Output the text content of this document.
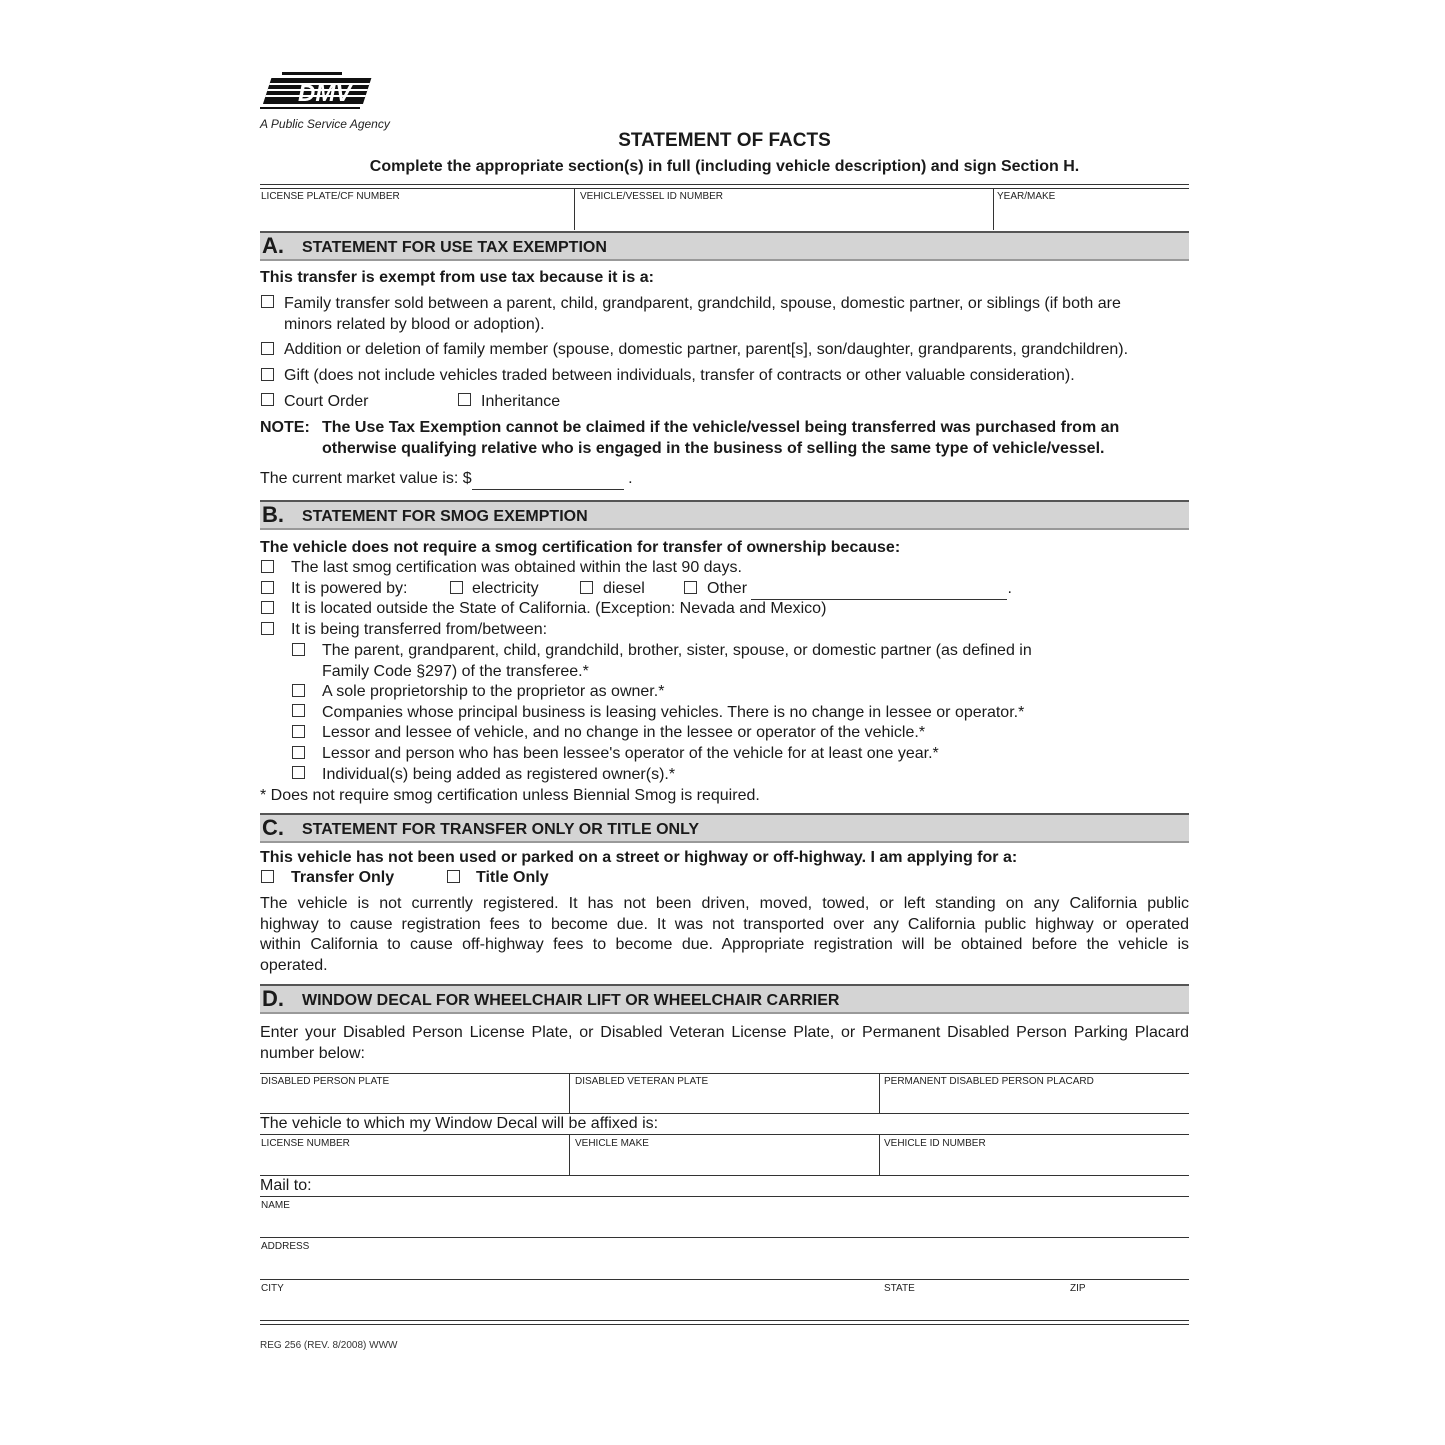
DMV
A Public Service Agency
STATEMENT OF FACTS
Complete the appropriate section(s) in full (including vehicle description) and sign Section H.
LICENSE PLATE/CF NUMBER	VEHICLE/VESSEL ID NUMBER	YEAR/MAKE
A. STATEMENT FOR USE TAX EXEMPTION
This transfer is exempt from use tax because it is a:
Family transfer sold between a parent, child, grandparent, grandchild, spouse, domestic partner, or siblings (if both are
minors related by blood or adoption).
Addition or deletion of family member (spouse, domestic partner, parent[s], son/daughter, grandparents, grandchildren).
Gift (does not include vehicles traded between individuals, transfer of contracts or other valuable consideration).
Court Order	Inheritance
NOTE: The Use Tax Exemption cannot be claimed if the vehicle/vessel being transferred was purchased from an
otherwise qualifying relative who is engaged in the business of selling the same type of vehicle/vessel.
The current market value is: $	.
B. STATEMENT FOR SMOG EXEMPTION
The vehicle does not require a smog certification for transfer of ownership because:
The last smog certification was obtained within the last 90 days.
It is powered by:	electricity	diesel	Other	.
It is located outside the State of California. (Exception: Nevada and Mexico)
It is being transferred from/between:
The parent, grandparent, child, grandchild, brother, sister, spouse, or domestic partner (as defined in
Family Code §297) of the transferee.*
A sole proprietorship to the proprietor as owner.*
Companies whose principal business is leasing vehicles. There is no change in lessee or operator.*
Lessor and lessee of vehicle, and no change in the lessee or operator of the vehicle.*
Lessor and person who has been lessee's operator of the vehicle for at least one year.*
Individual(s) being added as registered owner(s).*
* Does not require smog certification unless Biennial Smog is required.
C. STATEMENT FOR TRANSFER ONLY OR TITLE ONLY
This vehicle has not been used or parked on a street or highway or off-highway. I am applying for a:
Transfer Only	Title Only
The vehicle is not currently registered. It has not been driven, moved, towed, or left standing on any California public
highway to cause registration fees to become due. It was not transported over any California public highway or operated
within California to cause off-highway fees to become due. Appropriate registration will be obtained before the vehicle is
operated.
D. WINDOW DECAL FOR WHEELCHAIR LIFT OR WHEELCHAIR CARRIER
Enter your Disabled Person License Plate, or Disabled Veteran License Plate, or Permanent Disabled Person Parking Placard
number below:
DISABLED PERSON PLATE	DISABLED VETERAN PLATE	PERMANENT DISABLED PERSON PLACARD
The vehicle to which my Window Decal will be affixed is:
LICENSE NUMBER	VEHICLE MAKE	VEHICLE ID NUMBER
Mail to:
NAME
ADDRESS
CITY	STATE	ZIP
REG 256 (REV. 8/2008) WWW
